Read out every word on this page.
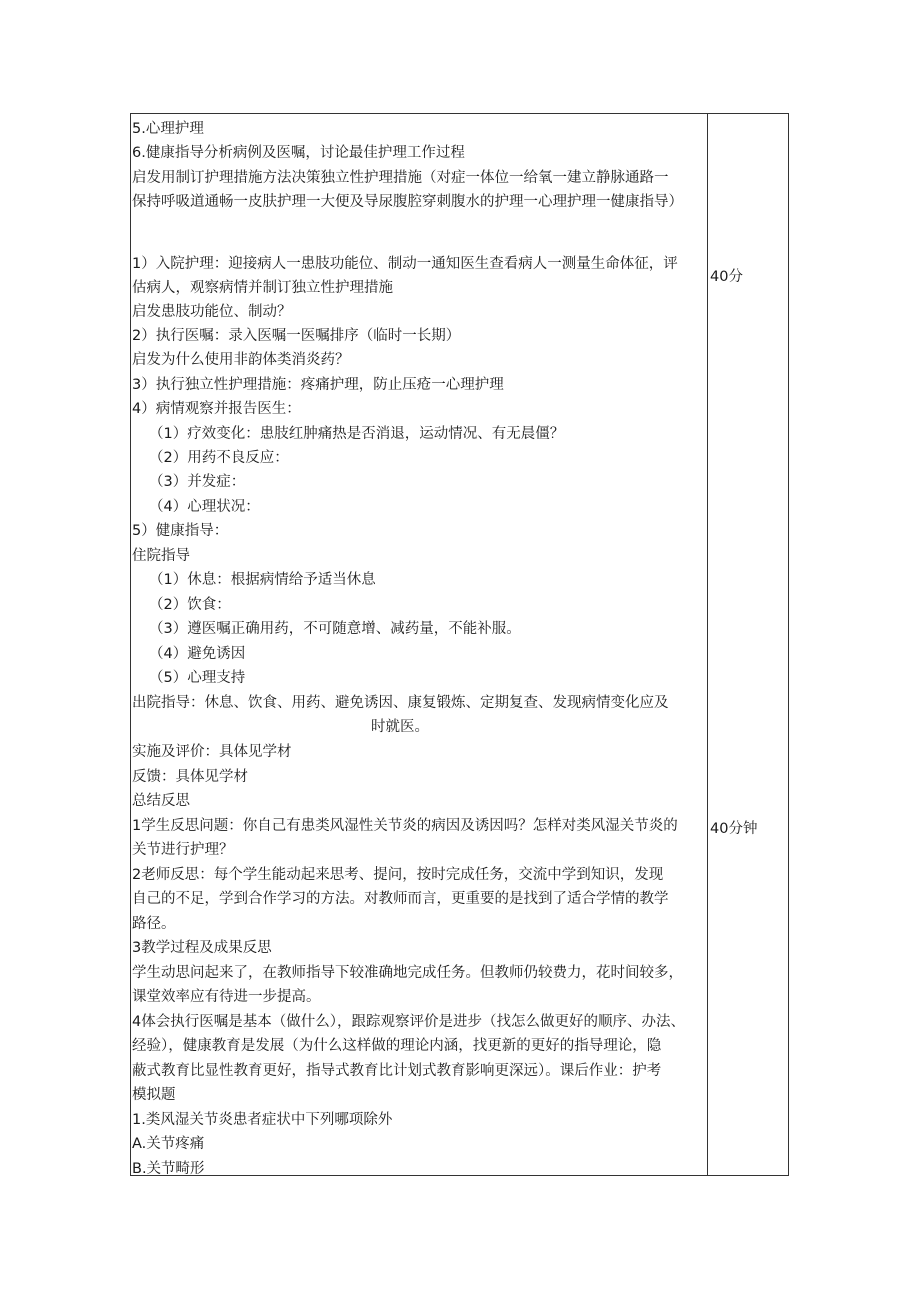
5.心理护理
6.健康指导分析病例及医嘱，讨论最佳护理工作过程
启发用制订护理措施方法决策独立性护理措施（对症一体位一给氧一建立静脉通路一
保持呼吸道通畅一皮肤护理一大便及导尿腹腔穿刺腹水的护理一心理护理一健康指导）
1）入院护理：迎接病人一患肢功能位、制动一通知医生查看病人一测量生命体征，评
估病人，观察病情并制订独立性护理措施
启发患肢功能位、制动？
2）执行医嘱：录入医嘱一医嘱排序（临时一长期）
启发为什么使用非韵体类消炎药？
3）执行独立性护理措施：疼痛护理，防止压疮一心理护理
4）病情观察并报告医生：
（1）疗效变化：患肢红肿痛热是否消退，运动情况、有无晨僵？
（2）用药不良反应：
（3）并发症：
（4）心理状况：
5）健康指导：
住院指导
（1）休息：根据病情给予适当休息
（2）饮食：
（3）遵医嘱正确用药，不可随意增、减药量，不能补服。
（4）避免诱因
（5）心理支持
出院指导：休息、饮食、用药、避免诱因、康复锻炼、定期复查、发现病情变化应及
时就医。
实施及评价：具体见学材
反馈：具体见学材
总结反思
1学生反思问题：你自己有患类风湿性关节炎的病因及诱因吗？怎样对类风湿关节炎的
关节进行护理？
2老师反思：每个学生能动起来思考、提问，按时完成任务，交流中学到知识，发现
自己的不足，学到合作学习的方法。对教师而言，更重要的是找到了适合学情的教学
路径。
3教学过程及成果反思
学生动思问起来了，在教师指导下较准确地完成任务。但教师仍较费力，花时间较多，
课堂效率应有待进一步提高。
4体会执行医嘱是基本（做什么），跟踪观察评价是进步（找怎么做更好的顺序、办法、
经验），健康教育是发展（为什么这样做的理论内涵，找更新的更好的指导理论，隐
蔽式教育比显性教育更好，指导式教育比计划式教育影响更深远）。课后作业：护考
模拟题
1.类风湿关节炎患者症状中下列哪项除外
A.关节疼痛
B.关节畸形
40分
40分钟
